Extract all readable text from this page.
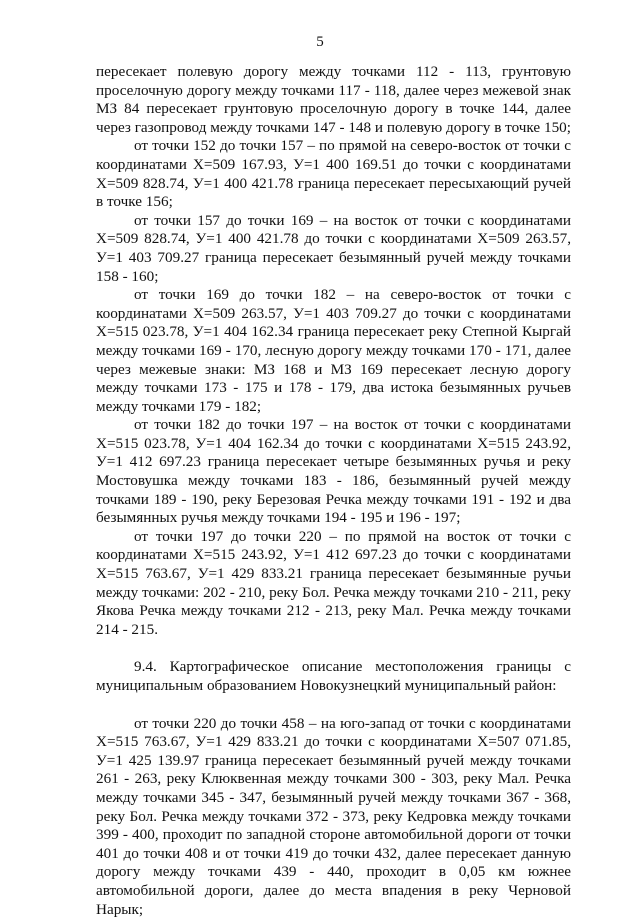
5

пересекает полевую дорогу между точками 112 - 113, грунтовую проселочную дорогу между точками 117 - 118, далее через межевой знак МЗ 84 пересекает грунтовую проселочную дорогу в точке 144, далее через газопровод между точками 147 - 148 и полевую дорогу в точке 150;

от точки 152 до точки 157 – по прямой на северо-восток от точки с координатами X=509 167.93, У=1 400 169.51 до точки с координатами X=509 828.74, У=1 400 421.78 граница пересекает пересыхающий ручей в точке 156;

от точки 157 до точки 169 – на восток от точки с координатами X=509 828.74, У=1 400 421.78 до точки с координатами X=509 263.57, У=1 403 709.27 граница пересекает безымянный ручей между точками 158 - 160;

от точки 169 до точки 182 – на северо-восток от точки с координатами X=509 263.57, У=1 403 709.27 до точки с координатами X=515 023.78, У=1 404 162.34 граница пересекает реку Степной Кыргай между точками 169 - 170, лесную дорогу между точками 170 - 171, далее через межевые знаки: МЗ 168 и МЗ 169 пересекает лесную дорогу между точками 173 - 175 и 178 - 179, два истока безымянных ручьев между точками 179 - 182;

от точки 182 до точки 197 – на восток от точки с координатами X=515 023.78, У=1 404 162.34 до точки с координатами X=515 243.92, У=1 412 697.23 граница пересекает четыре безымянных ручья и реку Мостовушка между точками 183 - 186, безымянный ручей между точками 189 - 190, реку Березовая Речка между точками 191 - 192 и два безымянных ручья между точками 194 - 195 и 196 - 197;

от точки 197 до точки 220 – по прямой на восток от точки с координатами X=515 243.92, У=1 412 697.23 до точки с координатами X=515 763.67, У=1 429 833.21 граница пересекает безымянные ручьи между точками: 202 - 210, реку Бол. Речка между точками 210 - 211, реку Якова Речка между точками 212 - 213, реку Мал. Речка между точками 214 - 215.

9.4. Картографическое описание местоположения границы с муниципальным образованием Новокузнецкий муниципальный район:

от точки 220 до точки 458 – на юго-запад от точки с координатами X=515 763.67, У=1 429 833.21 до точки с координатами X=507 071.85, У=1 425 139.97 граница пересекает безымянный ручей между точками 261 - 263, реку Клюквенная между точками 300 - 303, реку Мал. Речка между точками 345 - 347, безымянный ручей между точками 367 - 368, реку Бол. Речка между точками 372 - 373, реку Кедровка между точками 399 - 400, проходит по западной стороне автомобильной дороги от точки 401 до точки 408 и от точки 419 до точки 432, далее пересекает данную дорогу между точками 439 - 440, проходит в 0,05 км южнее автомобильной дороги, далее до места впадения в реку Черновой Нарык;
